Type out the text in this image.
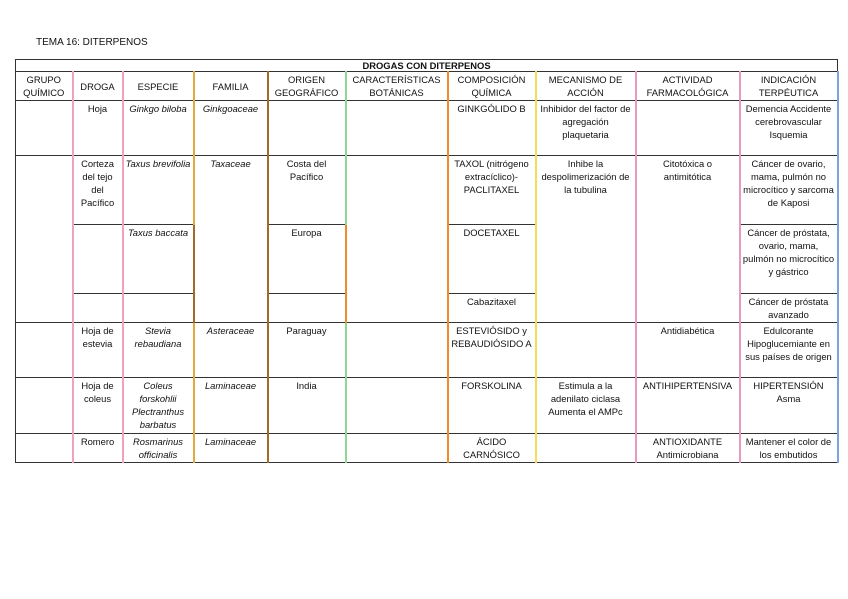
TEMA 16: DITERPENOS
DROGAS CON DITERPENOS									
GRUPO QUÍMICO	DROGA	ESPECIE	FAMILIA	ORIGEN GEOGRÁFICO	CARACTERÍSTICAS BOTÁNICAS	COMPOSICIÓN QUÍMICA	MECANISMO DE ACCIÓN	ACTIVIDAD FARMACOLÓGICA	INDICACIÓN TERPÉUTICA
	Hoja	Ginkgo biloba	Ginkgoaceae			GINKGÓLIDO B	Inhibidor del factor de agregación plaquetaria		Demencia Accidente cerebrovascular Isquemia
	Corteza del tejo del Pacífico	Taxus brevifolia	Taxaceae	Costa del Pacífico		TAXOL (nitrógeno extracíclico)- PACLITAXEL	Inhibe la despolimerización de la tubulina	Citotóxica o antimitótica	Cáncer de ovario, mama, pulmón no microcítico y sarcoma de Kaposi
		Taxus baccata		Europa		DOCETAXEL			Cáncer de próstata, ovario, mama, pulmón no microcítico y gástrico
						Cabazitaxel			Cáncer de próstata avanzado
	Hoja de estevia	Stevia rebaudiana	Asteraceae	Paraguay		ESTEVIÓSIDO y REBAUDIÓSIDO A		Antidiabética	Edulcorante Hipoglucemiante en sus países de origen
	Hoja de coleus	Coleus forskohlii Plectranthus barbatus	Laminaceae	India		FORSKOLINA	Estimula a la adenilato ciclasa Aumenta el AMPc	ANTIHIPERTENSIVA	HIPERTENSIÓN Asma
	Romero	Rosmarinus officinalis	Laminaceae			ÁCIDO CARNÓSICO		ANTIOXIDANTE Antimicrobiana	Mantener el color de los embutidos
